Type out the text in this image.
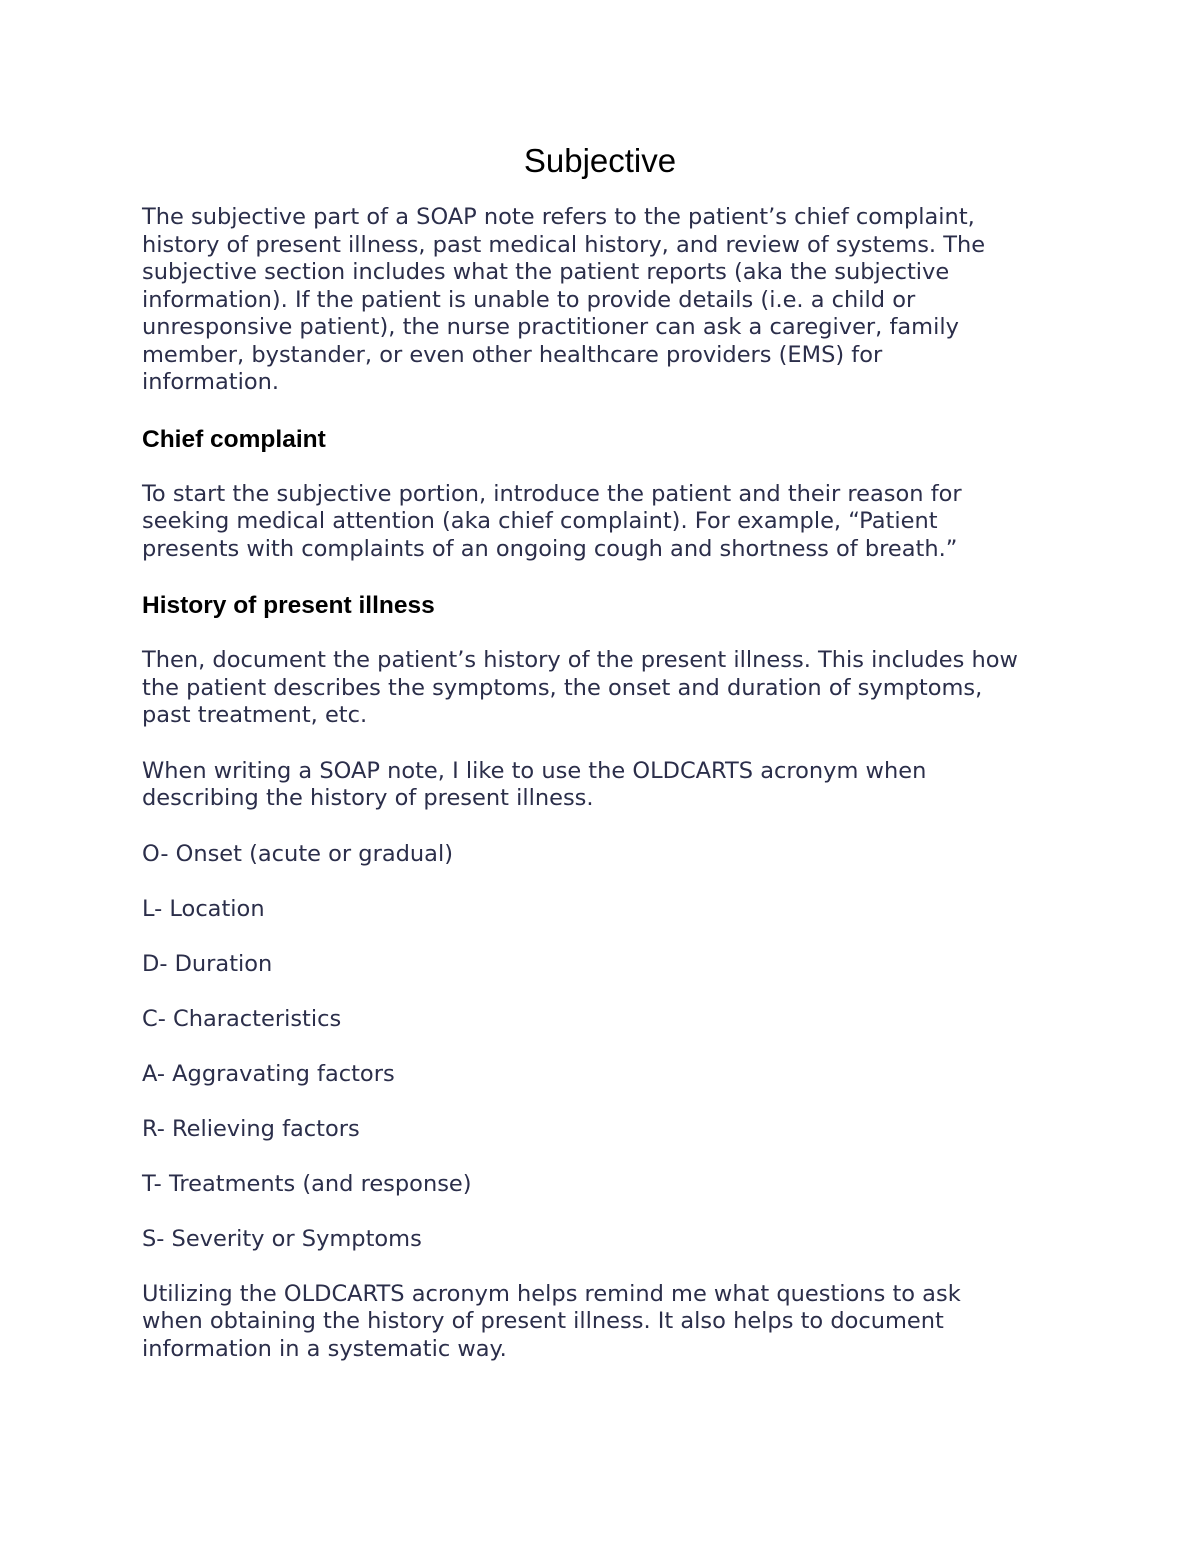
Subjective

The subjective part of a SOAP note refers to the patient’s chief complaint,
history of present illness, past medical history, and review of systems. The
subjective section includes what the patient reports (aka the subjective
information). If the patient is unable to provide details (i.e. a child or
unresponsive patient), the nurse practitioner can ask a caregiver, family
member, bystander, or even other healthcare providers (EMS) for
information.

Chief complaint

To start the subjective portion, introduce the patient and their reason for
seeking medical attention (aka chief complaint). For example, “Patient
presents with complaints of an ongoing cough and shortness of breath.”

History of present illness

Then, document the patient’s history of the present illness. This includes how
the patient describes the symptoms, the onset and duration of symptoms,
past treatment, etc.

When writing a SOAP note, I like to use the OLDCARTS acronym when
describing the history of present illness.

O- Onset (acute or gradual)

L- Location

D- Duration

C- Characteristics

A- Aggravating factors

R- Relieving factors

T- Treatments (and response)

S- Severity or Symptoms

Utilizing the OLDCARTS acronym helps remind me what questions to ask
when obtaining the history of present illness. It also helps to document
information in a systematic way.
